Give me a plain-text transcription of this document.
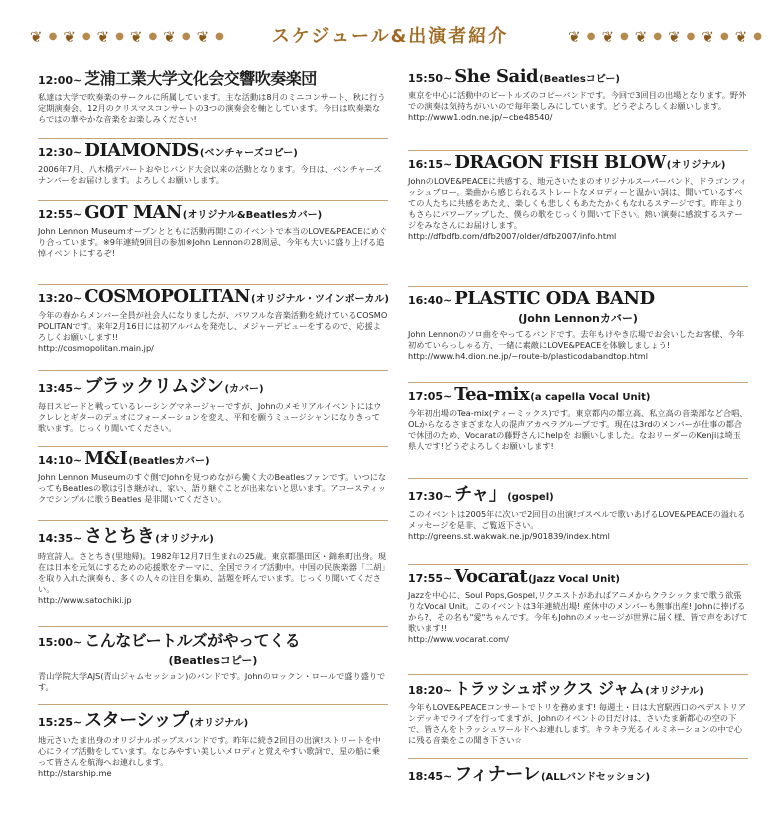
❦ ● ❦ ● ❦ ● ❦ ● ❦ ● ❦ ●	スケジュール&出演者紹介	❦ ● ❦ ● ❦ ● ❦ ● ❦ ● ❦ ●
12:00~ 芝浦工業大学文化会交響吹奏楽団
私達は大学で吹奏楽のサークルに所属しています。主な活動は8月のミニコンサート、秋に行う定期演奏会、12月のクリスマスコンサートの3つの演奏会を軸としています。今日は吹奏楽ならではの華やかな音楽をお楽しみください!
12:30~ DIAMONDS (ベンチャーズコピー)
2006年7月、八木橋デパートおやじバンド大会以来の活動となります。今日は、ベンチャーズナンバーをお届けします。よろしくお願いします。
12:55~ GOT MAN (オリジナル&Beatlesカバー)
John Lennon Museumオープンとともに活動再開!このイベントで本当のLOVE&PEACEにめぐり合っています。※9年連続9回目の参加※John Lennonの28周忌、今年も大いに盛り上げる追悼イベントにするぞ!
13:20~ COSMOPOLITAN (オリジナル・ツインボーカル)
今年の春からメンバー全員が社会人になりましたが、パワフルな音楽活動を続けているCOSMOPOLITANです。来年2月16日には初アルバムを発売し、メジャーデビューをするので、応援よろしくお願いします!!
http://cosmopolitan.main.jp/
13:45~ ブラックリムジン (カバー)
毎日スピードと戦っているレーシングマネージャーですが、Johnのメモリアルイベントにはウクレレとギターのデュオにフォーメーションを変え、平和を願うミュージシャンになりきって歌います。じっくり聞いてください。
14:10~ M&I (Beatlesカバー)
John Lennon Museumのすぐ側でJohnを見つめながら働く大のBeatlesファンです。いつになってもBeatlesの歌は引き継がれ、家い、語り継ぐことが出来ないと思います。アコースティックでシンプルに歌うBeatles 是非聞いてください。
14:35~ さとちき (オリジナル)
時宣詩人。さとちき(里地帰)。1982年12月7日生まれの25歳。東京都墨田区・錦糸町出身。現在は日本を元気にするための応援歌をテーマに、全国でライブ活動中。中国の民族楽器「二胡」を取り入れた演奏も、多くの人々の注目を集め、話題を呼んでいます。じっくり聞いてください。
http://www.satochiki.jp
15:00~ こんなビートルズがやってくる
(Beatlesコピー)
青山学院大学AJS(青山ジャムセッション)のバンドです。Johnのロックン・ロールで盛り盛りです。
15:25~ スターシップ (オリジナル)
地元さいたま出身のオリジナルポップスバンドです。昨年に続き2回目の出演!ストリートを中心にライブ活動をしています。なじみやすい美しいメロディと覚えやすい歌詞で、星の船に乗って皆さんを航海へお連れします。
http://starship.me
15:50~ She Said (Beatlesコピー)
東京を中心に活動中のビートルズのコピーバンドです。今回で3回目の出場となります。野外での演奏は気持ちがいいので毎年楽しみにしています。どうぞよろしくお願いします。
http://www1.odn.ne.jp/~cbe48540/
16:15~ DRAGON FISH BLOW (オリジナル)
JohnのLOVE&PEACEに共感する、地元さいたまのオリジナルスーパーバンド、ドラゴンフィッシュブロー。楽曲から感じられるストレートなメロディーと温かい詞は、聞いているすべての人たちに共感をあたえ、楽しくも悲しくもあたたかくもなれるステージです。昨年よりもさらにパワーアップした、僕らの歌をじっくり聞いて下さい。熱い演奏に感涙するステージをみなさんにお届けします。
http://dfbdfb.com/dfb2007/older/dfb2007/info.html
16:40~ PLASTIC ODA BAND
(John Lennonカバー)
John Lennonのソロ曲をやってるバンドです。去年もけやき広場でお会いしたお客様、今年初めていらっしゃる方、一緒に素敵にLOVE&PEACEを体験しましょう!
http://www.h4.dion.ne.jp/~route-b/plasticodabandtop.html
17:05~ Tea-mix (a capella Vocal Unit)
今年初出場のTea-mix(ティーミックス)です。東京都内の都立高、私立高の音楽部など合唱、OLからなるさまざまな人の混声アカペラグループです。現在は3rdのメンバーが仕事の都合で休団のため、Vocaratの藤野さんにhelpを お願いしました。なおリーダーのKenjiは埼玉県人です!どうぞよろしくお願いします!
17:30~ チャ」 (gospel)
このイベントは2005年に次いで2回目の出演!ゴスペルで歌いあげるLOVE&PEACEの溢れるメッセージを是非、ご覧返下さい。
http://greens.st.wakwak.ne.jp/901839/index.html
17:55~ Vocarat (Jazz Vocal Unit)
Jazzを中心に、Soul Pops,Gospel,リクエストがあればアニメからクラシックまで歌う欲張りなVocal Unit。このイベントは3年連続出場! 産休中のメンバーも無事出産! Johnに捧げるから?、その名も"愛"ちゃんです。今年もJohnのメッセージが世界に届く様、皆で声をあげて歌います!!
http://www.vocarat.com/
18:20~ トラッシュボックス ジャム (オリジナル)
今年もLOVE&PEACEコンサートでトリを務めます! 毎週土・日は大宮駅西口のペデストリアンデッキでライブを行ってますが、Johnのイベントの日だけは、さいたま新都心の空の下で、皆さんをトラッシュワールドへお連れします。キラキラ光るイルミネーションの中で心に残る音楽をこの聞き下さい☆
18:45~ フィナーレ (ALLバンドセッション)
